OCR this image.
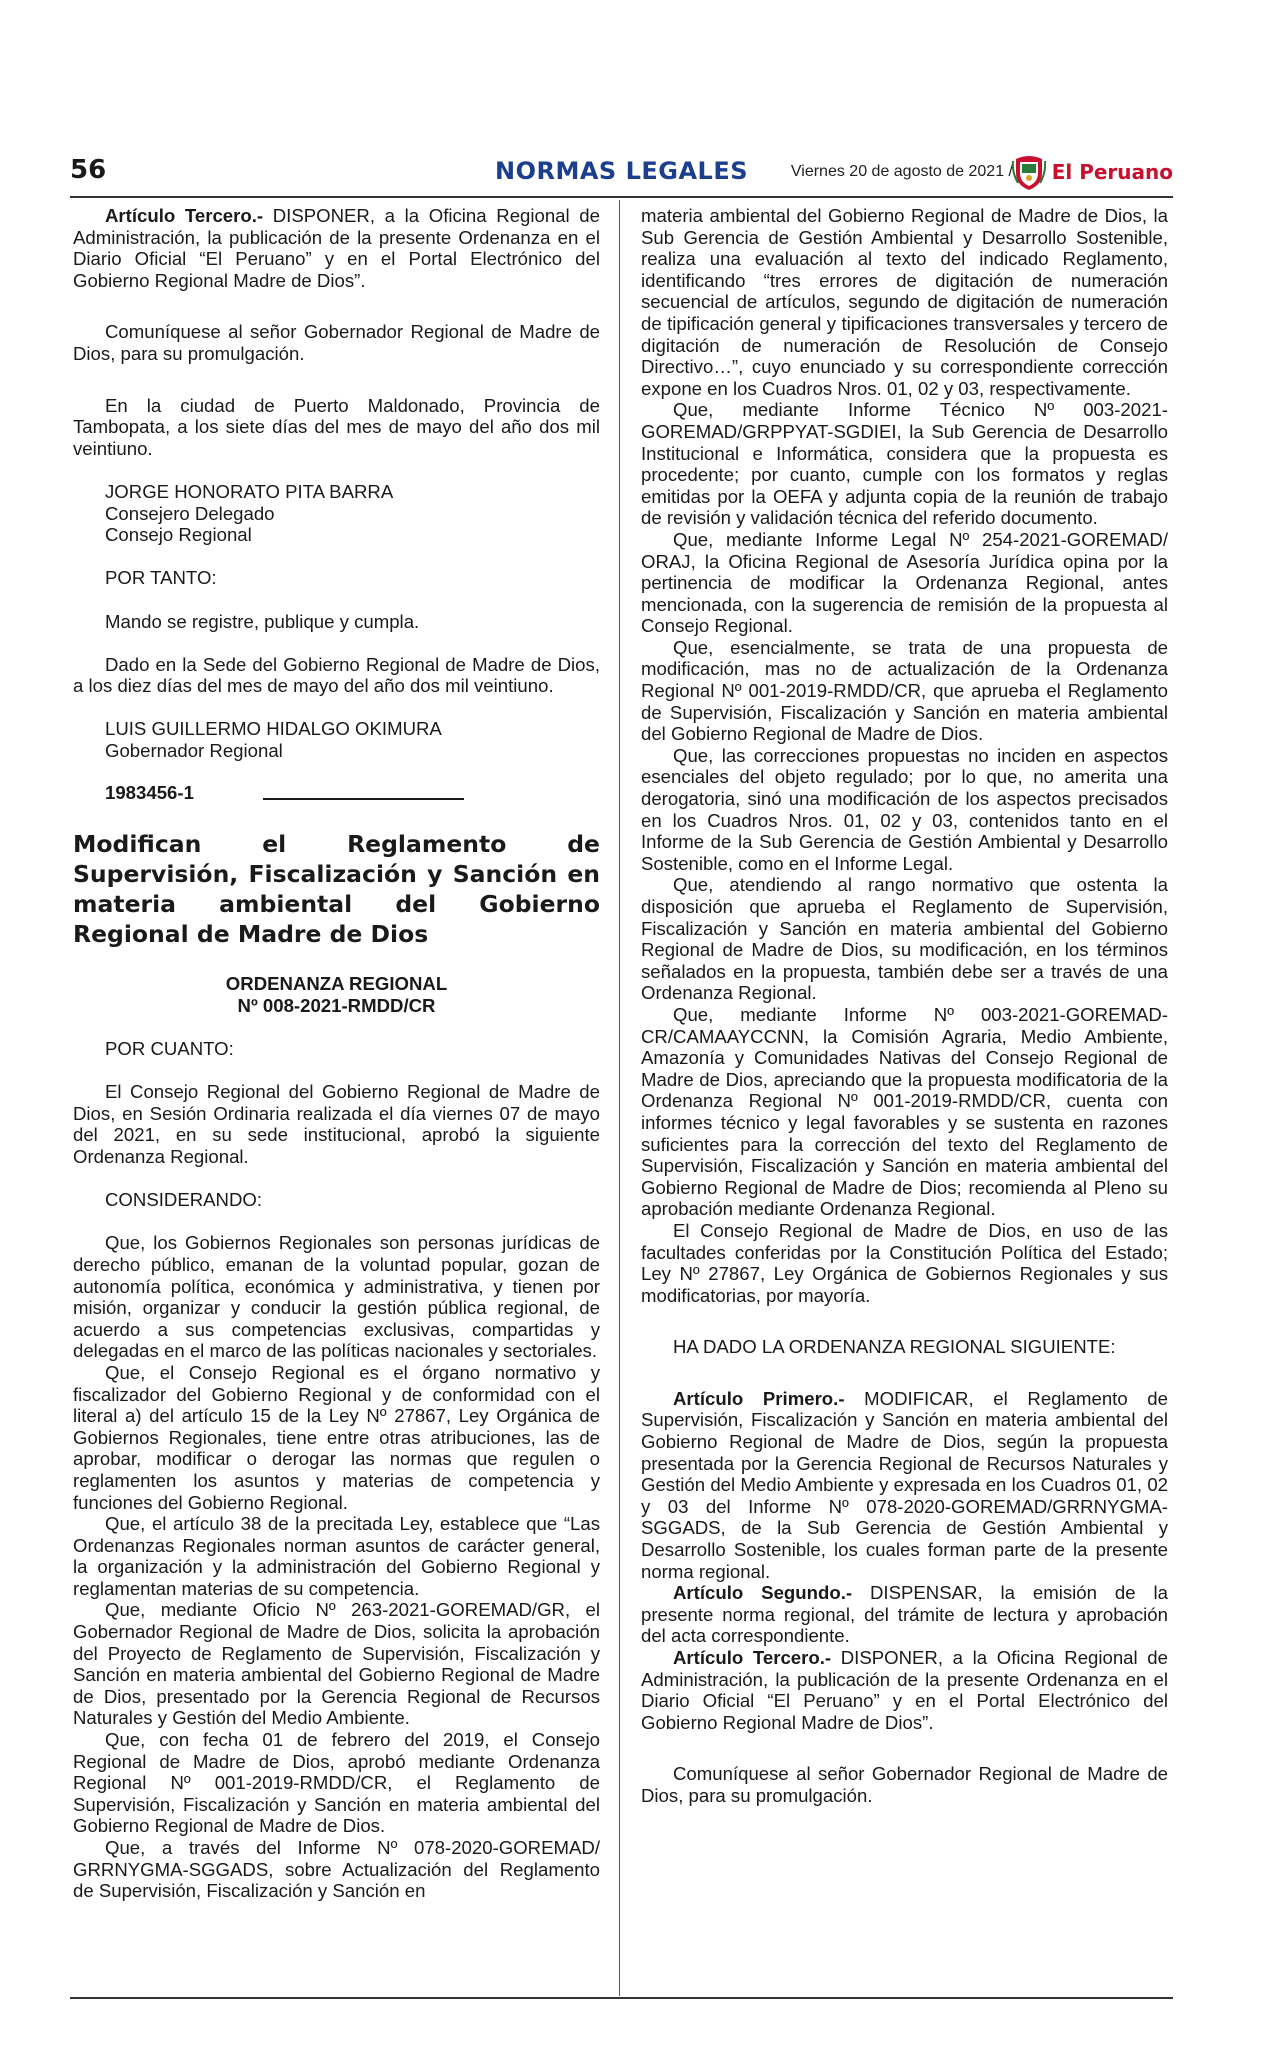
56	NORMAS LEGALES	Viernes 20 de agosto de 2021 / El Peruano

Artículo Tercero.- DISPONER, a la Oficina Regional de Administración, la publicación de la presente Ordenanza en el Diario Oficial “El Peruano” y en el Portal Electrónico del Gobierno Regional Madre de Dios”.

Comuníquese al señor Gobernador Regional de Madre de Dios, para su promulgación.

En la ciudad de Puerto Maldonado, Provincia de Tambopata, a los siete días del mes de mayo del año dos mil veintiuno.

JORGE HONORATO PITA BARRA
Consejero Delegado
Consejo Regional

POR TANTO:

Mando se registre, publique y cumpla.

Dado en la Sede del Gobierno Regional de Madre de Dios, a los diez días del mes de mayo del año dos mil veintiuno.

LUIS GUILLERMO HIDALGO OKIMURA
Gobernador Regional
1983456-1
Modifican el Reglamento de Supervisión, Fiscalización y Sanción en materia ambiental del Gobierno Regional de Madre de Dios
ORDENANZA REGIONAL
Nº 008-2021-RMDD/CR

POR CUANTO:

El Consejo Regional del Gobierno Regional de Madre de Dios, en Sesión Ordinaria realizada el día viernes 07 de mayo del 2021, en su sede institucional, aprobó la siguiente Ordenanza Regional.

CONSIDERANDO:

Que, los Gobiernos Regionales son personas jurídicas de derecho público, emanan de la voluntad popular, gozan de autonomía política, económica y administrativa, y tienen por misión, organizar y conducir la gestión pública regional, de acuerdo a sus competencias exclusivas, compartidas y delegadas en el marco de las políticas nacionales y sectoriales.

Que, el Consejo Regional es el órgano normativo y fiscalizador del Gobierno Regional y de conformidad con el literal a) del artículo 15 de la Ley Nº 27867, Ley Orgánica de Gobiernos Regionales, tiene entre otras atribuciones, las de aprobar, modificar o derogar las normas que regulen o reglamenten los asuntos y materias de competencia y funciones del Gobierno Regional.

Que, el artículo 38 de la precitada Ley, establece que “Las Ordenanzas Regionales norman asuntos de carácter general, la organización y la administración del Gobierno Regional y reglamentan materias de su competencia.

Que, mediante Oficio Nº 263-2021-GOREMAD/GR, el Gobernador Regional de Madre de Dios, solicita la aprobación del Proyecto de Reglamento de Supervisión, Fiscalización y Sanción en materia ambiental del Gobierno Regional de Madre de Dios, presentado por la Gerencia Regional de Recursos Naturales y Gestión del Medio Ambiente.

Que, con fecha 01 de febrero del 2019, el Consejo Regional de Madre de Dios, aprobó mediante Ordenanza Regional Nº 001-2019-RMDD/CR, el Reglamento de Supervisión, Fiscalización y Sanción en materia ambiental del Gobierno Regional de Madre de Dios.

Que, a través del Informe Nº 078-2020-GOREMAD/ GRRNYGMA-SGGADS, sobre Actualización del Reglamento de Supervisión, Fiscalización y Sanción en

materia ambiental del Gobierno Regional de Madre de Dios, la Sub Gerencia de Gestión Ambiental y Desarrollo Sostenible, realiza una evaluación al texto del indicado Reglamento, identificando “tres errores de digitación de numeración secuencial de artículos, segundo de digitación de numeración de tipificación general y tipificaciones transversales y tercero de digitación de numeración de Resolución de Consejo Directivo…”, cuyo enunciado y su correspondiente corrección expone en los Cuadros Nros. 01, 02 y 03, respectivamente.

Que, mediante Informe Técnico Nº 003-2021-GOREMAD/GRPPYAT-SGDIEI, la Sub Gerencia de Desarrollo Institucional e Informática, considera que la propuesta es procedente; por cuanto, cumple con los formatos y reglas emitidas por la OEFA y adjunta copia de la reunión de trabajo de revisión y validación técnica del referido documento.

Que, mediante Informe Legal Nº 254-2021-GOREMAD/ ORAJ, la Oficina Regional de Asesoría Jurídica opina por la pertinencia de modificar la Ordenanza Regional, antes mencionada, con la sugerencia de remisión de la propuesta al Consejo Regional.

Que, esencialmente, se trata de una propuesta de modificación, mas no de actualización de la Ordenanza Regional Nº 001-2019-RMDD/CR, que aprueba el Reglamento de Supervisión, Fiscalización y Sanción en materia ambiental del Gobierno Regional de Madre de Dios.

Que, las correcciones propuestas no inciden en aspectos esenciales del objeto regulado; por lo que, no amerita una derogatoria, sinó una modificación de los aspectos precisados en los Cuadros Nros. 01, 02 y 03, contenidos tanto en el Informe de la Sub Gerencia de Gestión Ambiental y Desarrollo Sostenible, como en el Informe Legal.

Que, atendiendo al rango normativo que ostenta la disposición que aprueba el Reglamento de Supervisión, Fiscalización y Sanción en materia ambiental del Gobierno Regional de Madre de Dios, su modificación, en los términos señalados en la propuesta, también debe ser a través de una Ordenanza Regional.

Que, mediante Informe Nº 003-2021-GOREMAD-CR/CAMAAYCCNN, la Comisión Agraria, Medio Ambiente, Amazonía y Comunidades Nativas del Consejo Regional de Madre de Dios, apreciando que la propuesta modificatoria de la Ordenanza Regional Nº 001-2019-RMDD/CR, cuenta con informes técnico y legal favorables y se sustenta en razones suficientes para la corrección del texto del Reglamento de Supervisión, Fiscalización y Sanción en materia ambiental del Gobierno Regional de Madre de Dios; recomienda al Pleno su aprobación mediante Ordenanza Regional.

El Consejo Regional de Madre de Dios, en uso de las facultades conferidas por la Constitución Política del Estado; Ley Nº 27867, Ley Orgánica de Gobiernos Regionales y sus modificatorias, por mayoría.

HA DADO LA ORDENANZA REGIONAL SIGUIENTE:

Artículo Primero.- MODIFICAR, el Reglamento de Supervisión, Fiscalización y Sanción en materia ambiental del Gobierno Regional de Madre de Dios, según la propuesta presentada por la Gerencia Regional de Recursos Naturales y Gestión del Medio Ambiente y expresada en los Cuadros 01, 02 y 03 del Informe Nº 078-2020-GOREMAD/GRRNYGMA-SGGADS, de la Sub Gerencia de Gestión Ambiental y Desarrollo Sostenible, los cuales forman parte de la presente norma regional.

Artículo Segundo.- DISPENSAR, la emisión de la presente norma regional, del trámite de lectura y aprobación del acta correspondiente.

Artículo Tercero.- DISPONER, a la Oficina Regional de Administración, la publicación de la presente Ordenanza en el Diario Oficial “El Peruano” y en el Portal Electrónico del Gobierno Regional Madre de Dios”.

Comuníquese al señor Gobernador Regional de Madre de Dios, para su promulgación.
